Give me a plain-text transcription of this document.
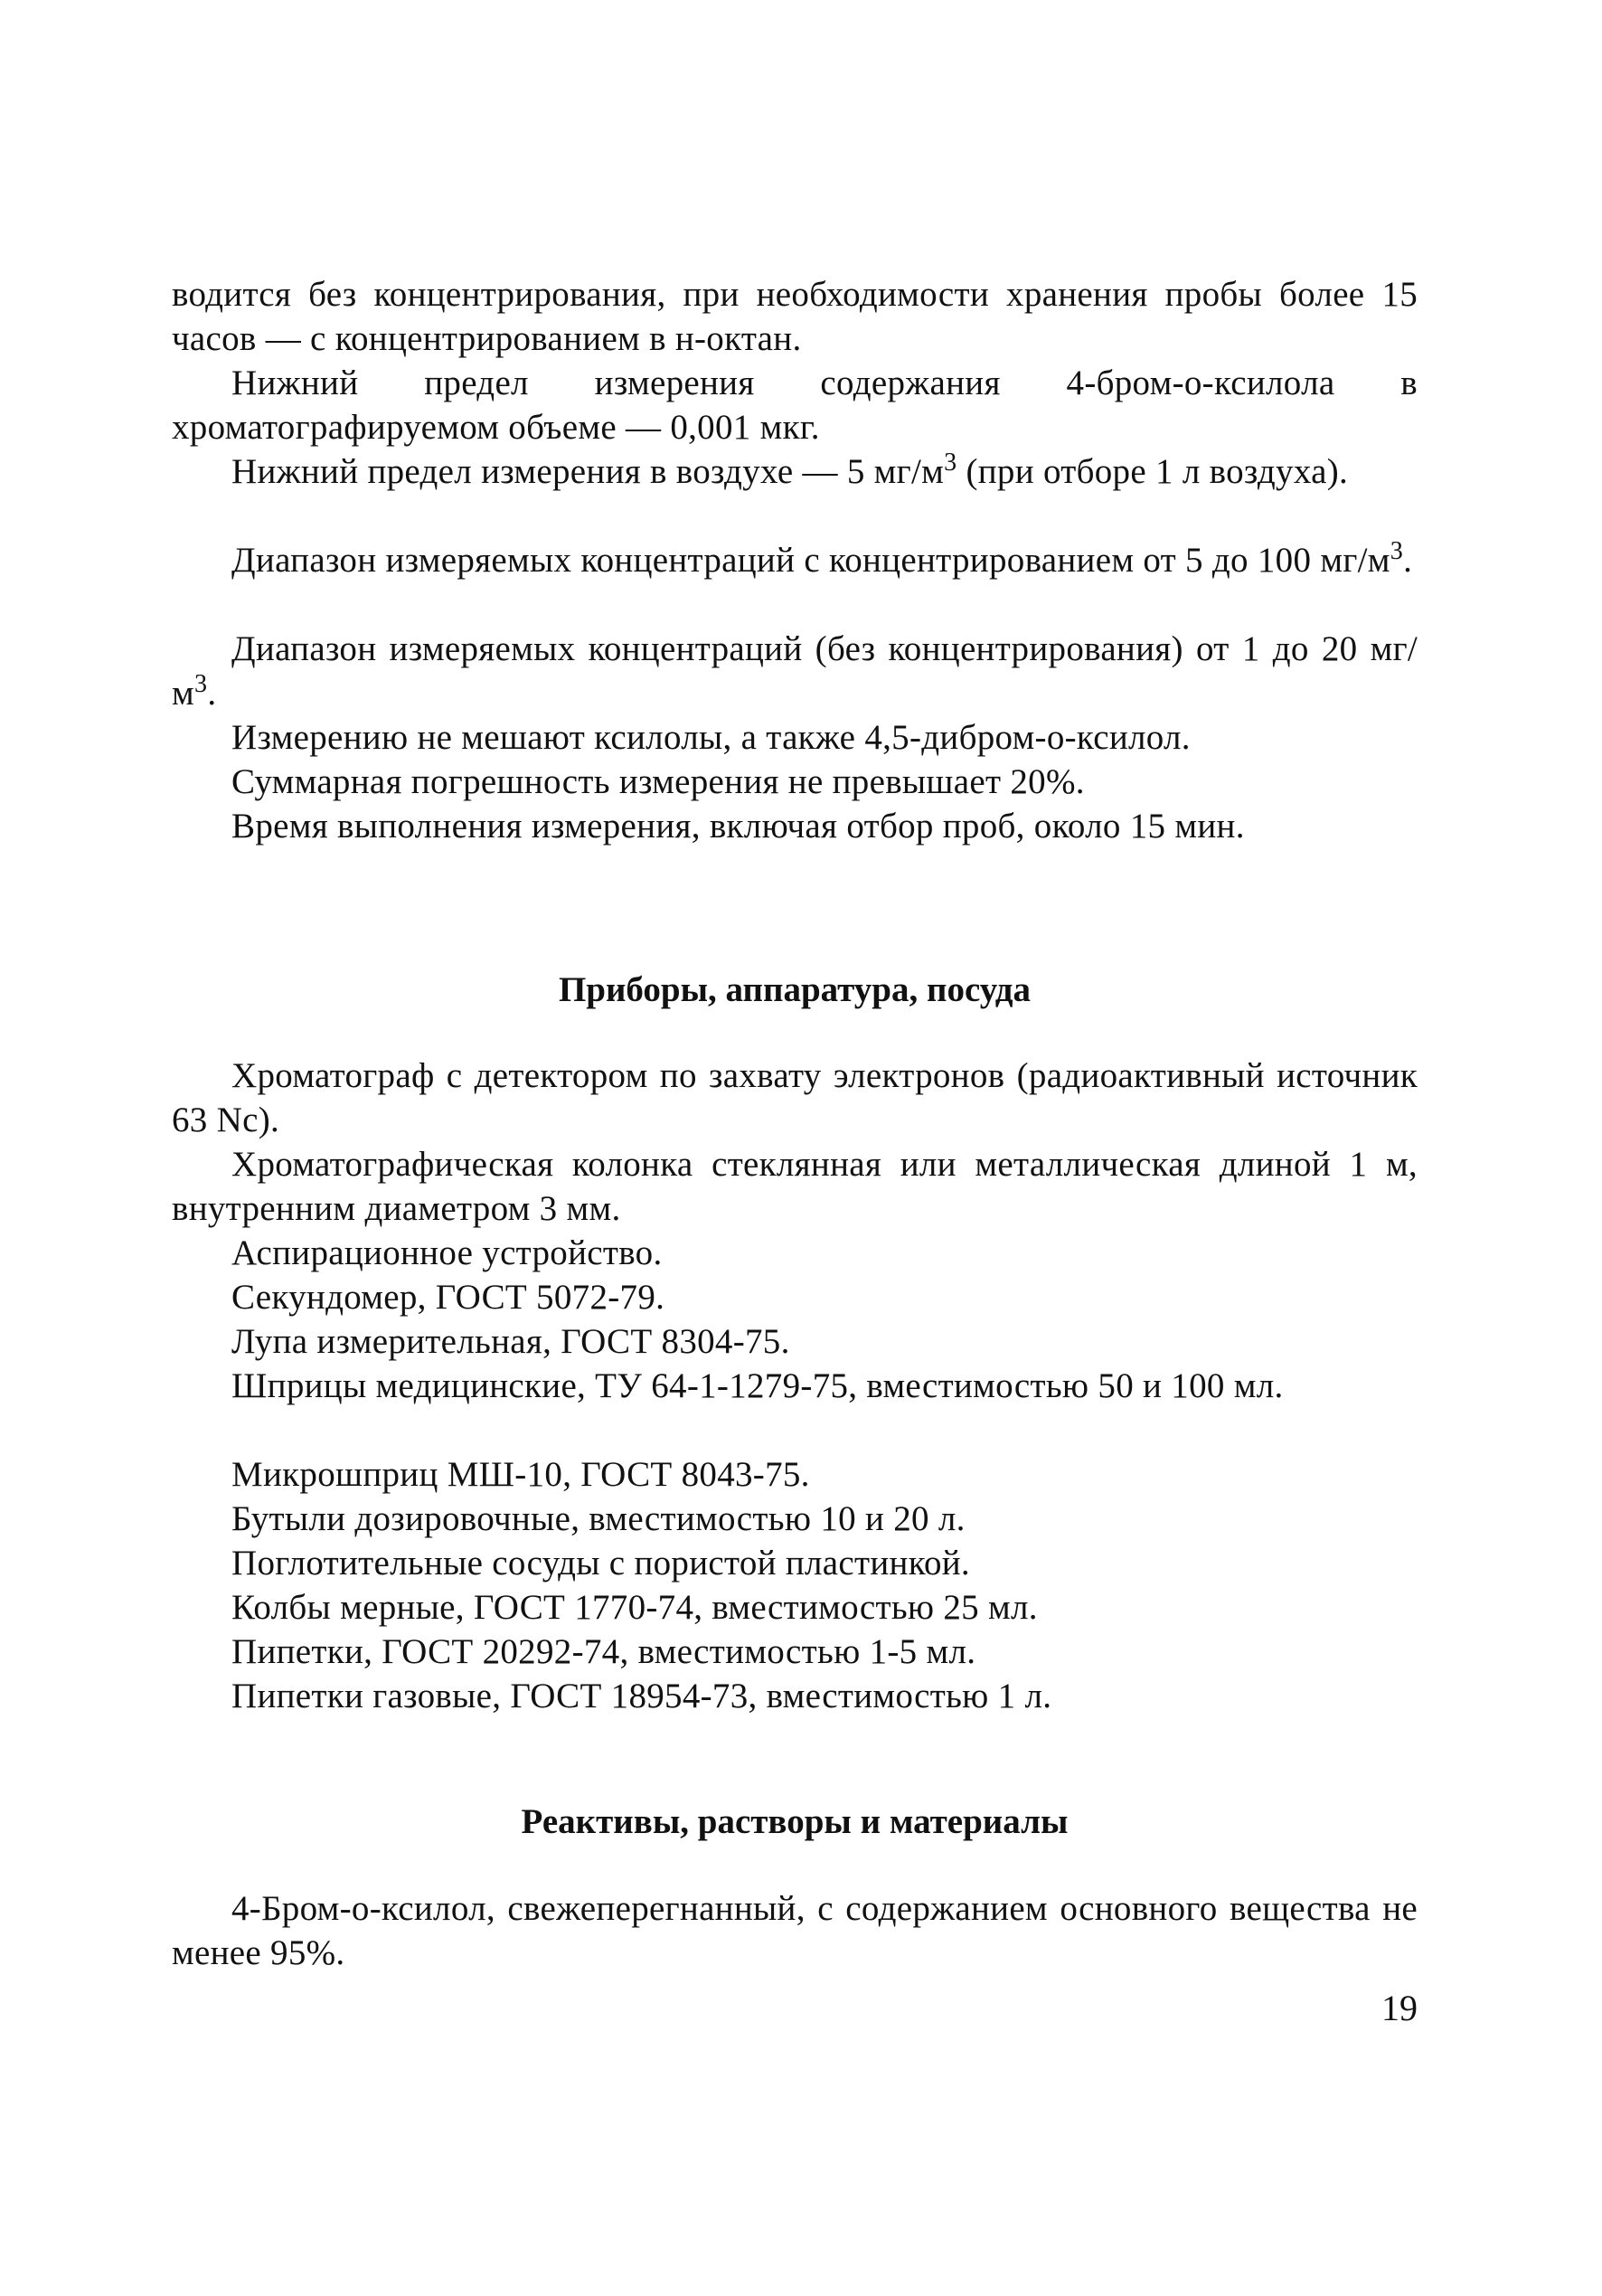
водится без концентрирования, при необходимости хранения пробы более 15 часов — с концентрированием в н-октан.

Нижний предел измерения содержания 4-бром-о-ксилола в хроматографируемом объеме — 0,001 мкг.

Нижний предел измерения в воздухе — 5 $мг/м^3$ (при отборе 1 л воздуха).

Диапазон измеряемых концентраций с концентрированием от 5 до 100 $мг/м^3$.

Диапазон измеряемых концентраций (без концентрирования) от 1 до 20 $мг/м^3$.

Измерению не мешают ксилолы, а также 4,5-дибром-о-ксилол.

Суммарная погрешность измерения не превышает 20%.

Время выполнения измерения, включая отбор проб, около 15 мин.

Приборы, аппаратура, посуда

Хроматограф с детектором по захвату электронов (радиоактивный источник 63 Nc).

Хроматографическая колонка стеклянная или металлическая длиной 1 м, внутренним диаметром 3 мм.

Аспирационное устройство.

Секундомер, ГОСТ 5072-79.

Лупа измерительная, ГОСТ 8304-75.

Шприцы медицинские, ТУ 64-1-1279-75, вместимостью 50 и 100 мл.

Микрошприц МШ-10, ГОСТ 8043-75.

Бутыли дозировочные, вместимостью 10 и 20 л.

Поглотительные сосуды с пористой пластинкой.

Колбы мерные, ГОСТ 1770-74, вместимостью 25 мл.

Пипетки, ГОСТ 20292-74, вместимостью 1-5 мл.

Пипетки газовые, ГОСТ 18954-73, вместимостью 1 л.

Реактивы, растворы и материалы

4-Бром-о-ксилол, свежеперегнанный, с содержанием основного вещества не менее 95%.

19
